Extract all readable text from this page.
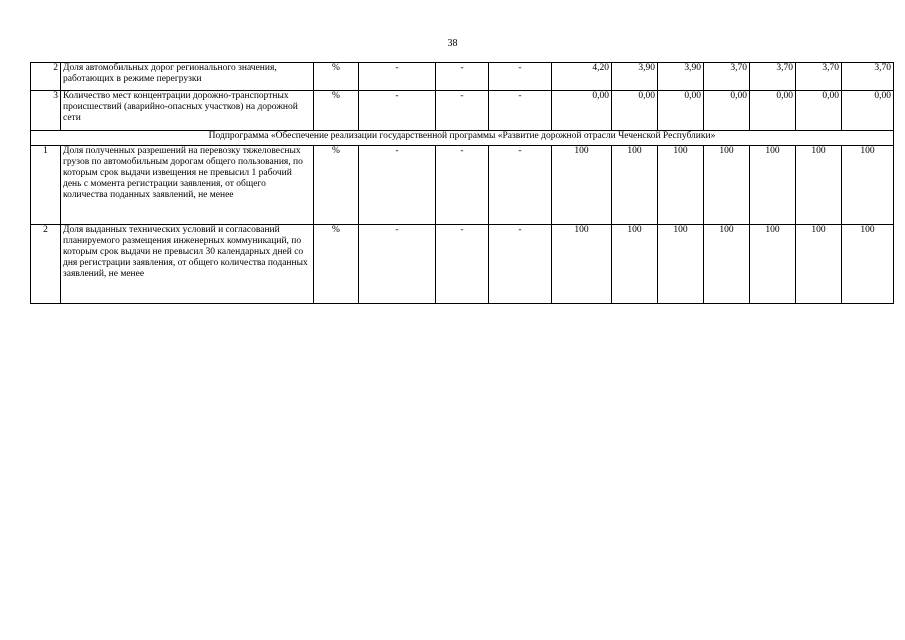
38
2	Доля автомобильных дорог регионального значения, работающих в режиме перегрузки	%	-	-	-	4,20	3,90	3,90	3,70	3,70	3,70	3,70
3	Количество мест концентрации дорожно-транспортных происшествий (аварийно-опасных участков) на дорожной сети	%	-	-	-	0,00	0,00	0,00	0,00	0,00	0,00	0,00
Подпрограмма «Обеспечение реализации государственной программы «Развитие дорожной отрасли Чеченской Республики»												
1	Доля полученных разрешений на перевозку тяжеловесных грузов по автомобильным дорогам общего пользования, по которым срок выдачи извещения не превысил 1 рабочий день с момента регистрации заявления, от общего количества поданных заявлений, не менее	%	-	-	-	100	100	100	100	100	100	100
2	Доля выданных технических условий и согласований планируемого размещения инженерных коммуникаций, по которым срок выдачи не превысил 30 календарных дней со дня регистрации заявления, от общего количества поданных заявлений, не менее	%	-	-	-	100	100	100	100	100	100	100
